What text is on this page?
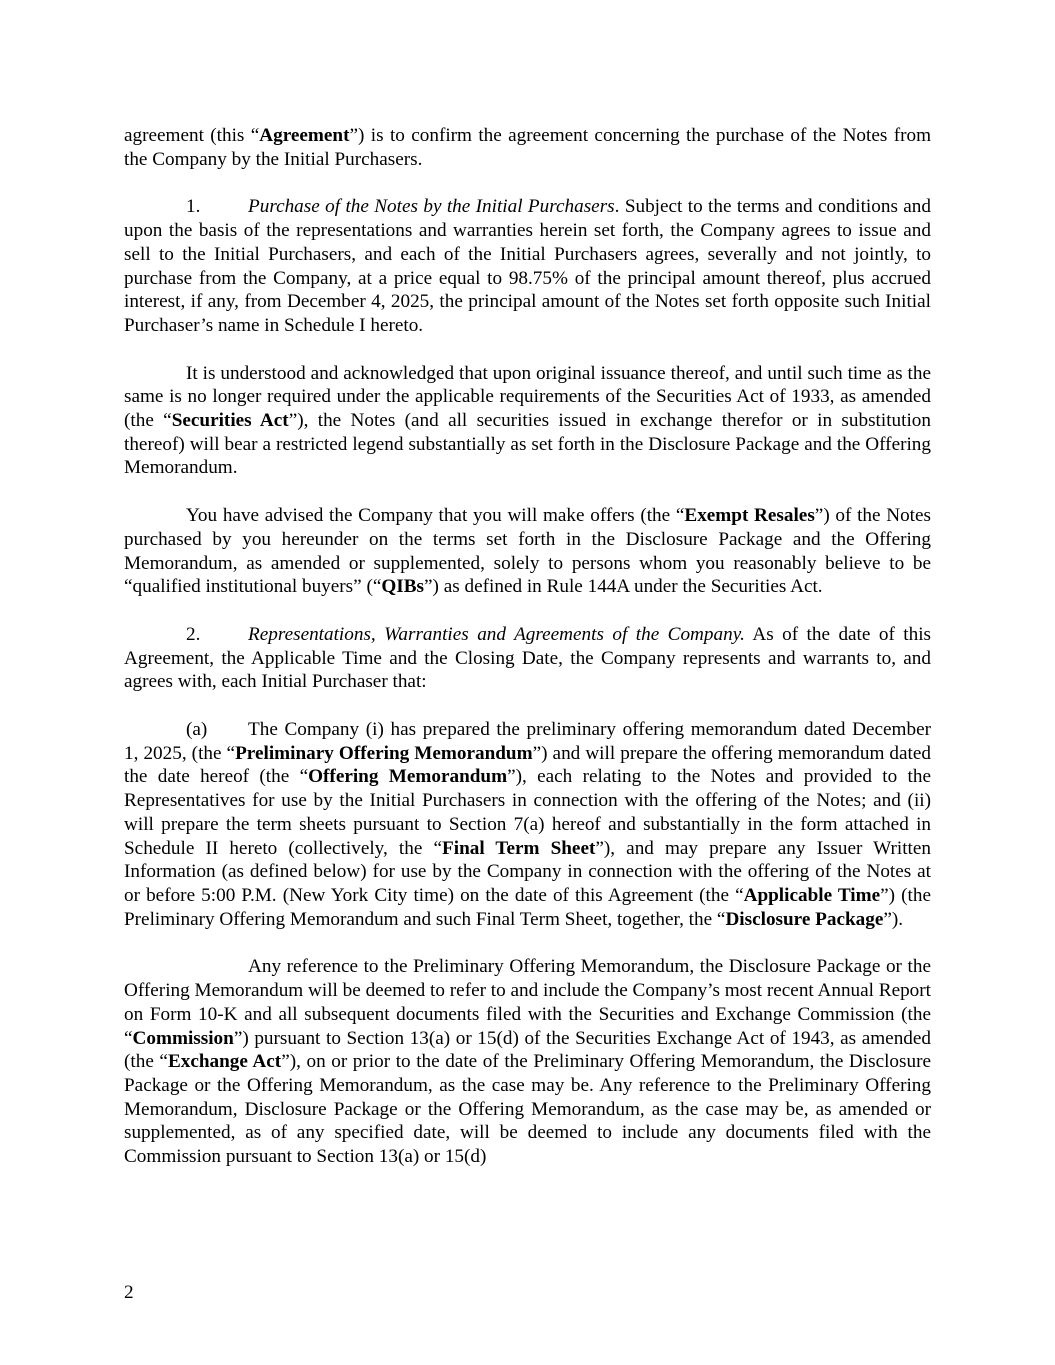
agreement (this “Agreement”) is to confirm the agreement concerning the purchase of the Notes from the Company by the Initial Purchasers.

1. Purchase of the Notes by the Initial Purchasers. Subject to the terms and conditions and upon the basis of the representations and warranties herein set forth, the Company agrees to issue and sell to the Initial Purchasers, and each of the Initial Purchasers agrees, severally and not jointly, to purchase from the Company, at a price equal to 98.75% of the principal amount thereof, plus accrued interest, if any, from December 4, 2025, the principal amount of the Notes set forth opposite such Initial Purchaser’s name in Schedule I hereto.

It is understood and acknowledged that upon original issuance thereof, and until such time as the same is no longer required under the applicable requirements of the Securities Act of 1933, as amended (the “Securities Act”), the Notes (and all securities issued in exchange therefor or in substitution thereof) will bear a restricted legend substantially as set forth in the Disclosure Package and the Offering Memorandum.

You have advised the Company that you will make offers (the “Exempt Resales”) of the Notes purchased by you hereunder on the terms set forth in the Disclosure Package and the Offering Memorandum, as amended or supplemented, solely to persons whom you reasonably believe to be “qualified institutional buyers” (“QIBs”) as defined in Rule 144A under the Securities Act.

2. Representations, Warranties and Agreements of the Company. As of the date of this Agreement, the Applicable Time and the Closing Date, the Company represents and warrants to, and agrees with, each Initial Purchaser that:

(a) The Company (i) has prepared the preliminary offering memorandum dated December 1, 2025, (the “Preliminary Offering Memorandum”) and will prepare the offering memorandum dated the date hereof (the “Offering Memorandum”), each relating to the Notes and provided to the Representatives for use by the Initial Purchasers in connection with the offering of the Notes; and (ii) will prepare the term sheets pursuant to Section 7(a) hereof and substantially in the form attached in Schedule II hereto (collectively, the “Final Term Sheet”), and may prepare any Issuer Written Information (as defined below) for use by the Company in connection with the offering of the Notes at or before 5:00 P.M. (New York City time) on the date of this Agreement (the “Applicable Time”) (the Preliminary Offering Memorandum and such Final Term Sheet, together, the “Disclosure Package”).

Any reference to the Preliminary Offering Memorandum, the Disclosure Package or the Offering Memorandum will be deemed to refer to and include the Company’s most recent Annual Report on Form 10-K and all subsequent documents filed with the Securities and Exchange Commission (the “Commission”) pursuant to Section 13(a) or 15(d) of the Securities Exchange Act of 1943, as amended (the “Exchange Act”), on or prior to the date of the Preliminary Offering Memorandum, the Disclosure Package or the Offering Memorandum, as the case may be. Any reference to the Preliminary Offering Memorandum, Disclosure Package or the Offering Memorandum, as the case may be, as amended or supplemented, as of any specified date, will be deemed to include any documents filed with the Commission pursuant to Section 13(a) or 15(d)

2
